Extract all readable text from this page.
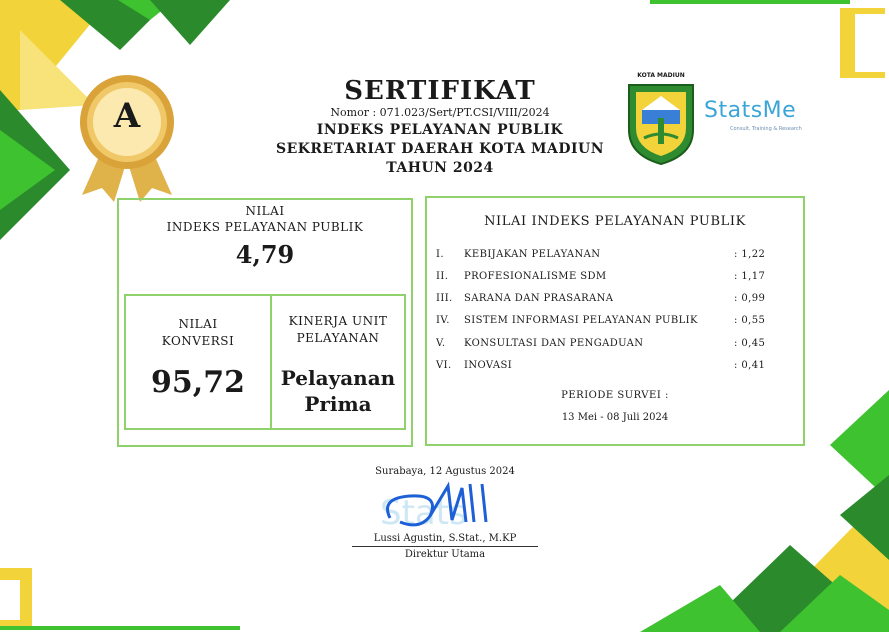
A
SERTIFIKAT
Nomor : 071.023/Sert/PT.CSI/VIII/2024
INDEKS PELAYANAN PUBLIK
SEKRETARIAT DAERAH KOTA MADIUN
TAHUN 2024
KOTA MADIUN
StatsMe
Consult, Training & Research
NILAI
INDEKS PELAYANAN PUBLIK
4,79
NILAI
KONVERSI
95,72
KINERJA UNIT
PELAYANAN
Pelayanan
Prima
NILAI INDEKS PELAYANAN PUBLIK
I. KEBIJAKAN PELAYANAN	: 1,22
II. PROFESIONALISME SDM	: 1,17
III. SARANA DAN PRASARANA	: 0,99
IV. SISTEM INFORMASI PELAYANAN PUBLIK	: 0,55
V. KONSULTASI DAN PENGADUAN	: 0,45
VI. INOVASI	: 0,41
PERIODE SURVEI :
13 Mei - 08 Juli 2024
Surabaya, 12 Agustus 2024
Stats
Lussi Agustin, S.Stat., M.KP
Direktur Utama
